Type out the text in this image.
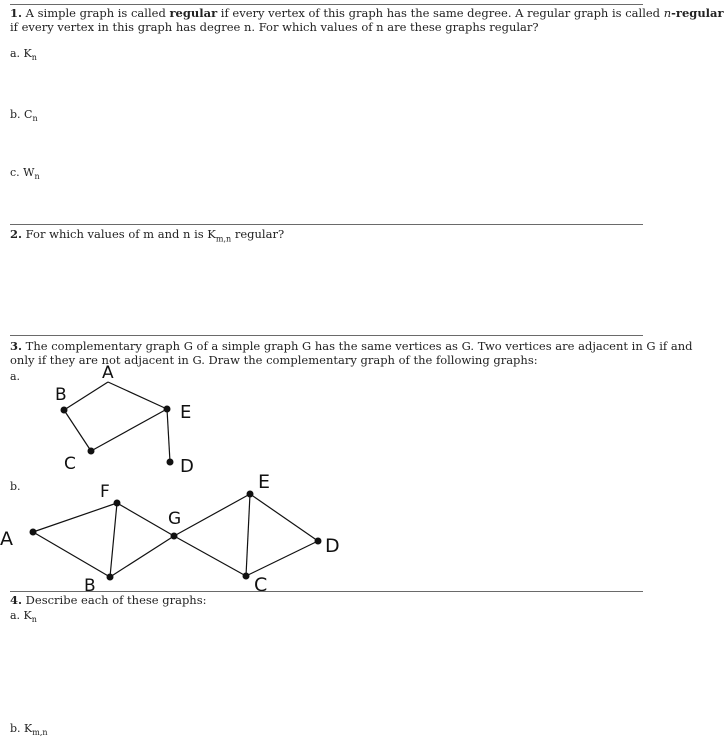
1. A simple graph is called regular if every vertex of this graph has the same degree. A regular graph is called n-regular
if every vertex in this graph has degree n. For which values of n are these graphs regular?
a. $K_n$
b. $C_n$
c. $W_n$
2. For which values of m and n is $K_{m,n}$ regular?
3. The complementary graph G of a simple graph G has the same vertices as G. Two vertices are adjacent in G if and
only if they are not adjacent in G. Draw the complementary graph of the following graphs:
a.
b.
A
B
E
C	D
F	E
G
A	D
B	C
4. Describe each of these graphs:
a. $K_n$
b. $K_{m,n}$
